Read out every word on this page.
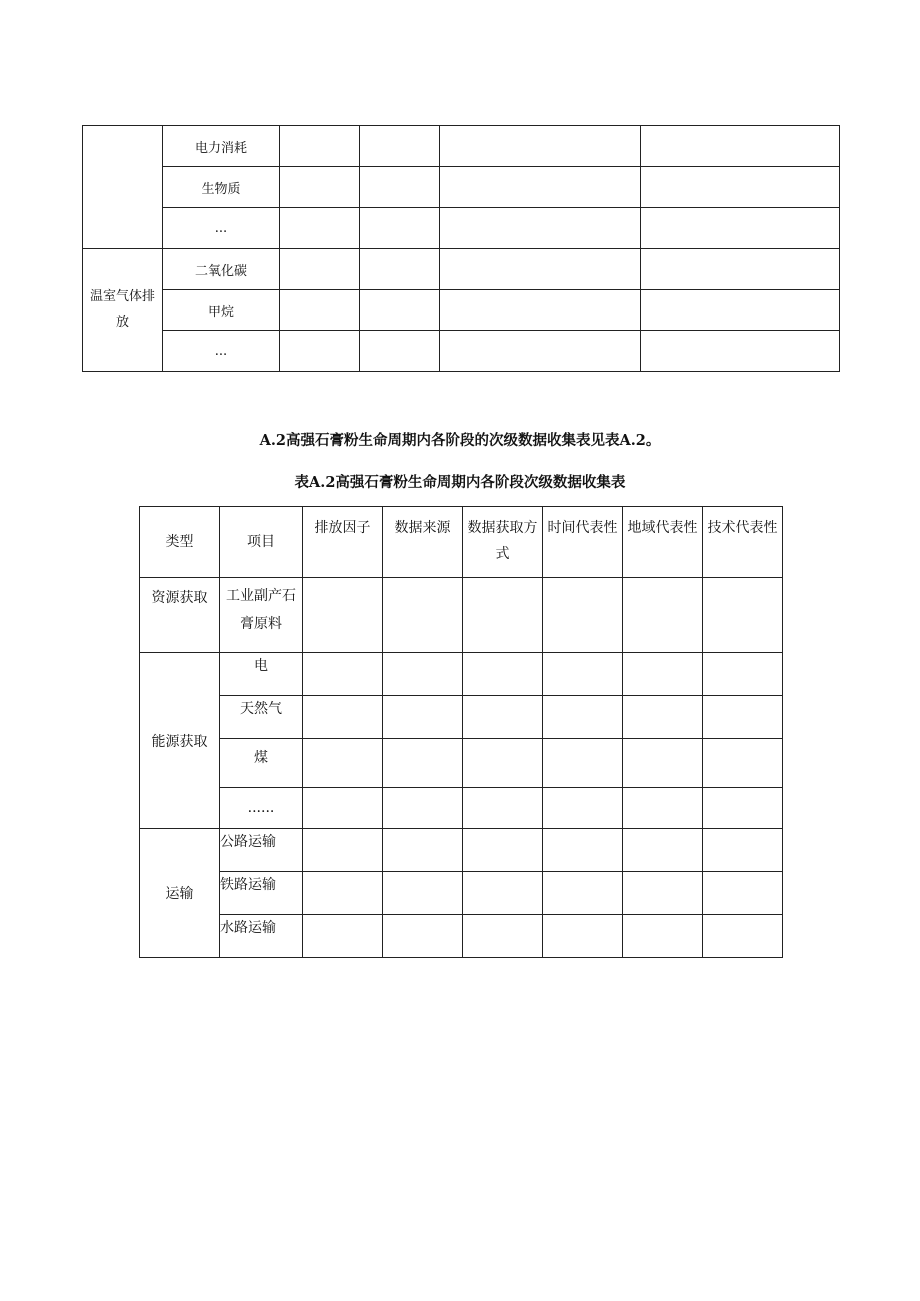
	电力消耗				
	生物质				
	...				
温室气体排放	二氧化碳				
	甲烷				
	...				
A.2高强石膏粉生命周期内各阶段的次级数据收集表见表A.2。
表A.2高强石膏粉生命周期内各阶段次级数据收集表
类型	项目	排放因子	数据来源	数据获取方式	时间代表性	地域代表性	技术代表性
资源获取	工业副产石膏原料						
能源获取	电						
	天然气						
	煤						
	......						
运输	公路运输						
	铁路运输						
	水路运输						
